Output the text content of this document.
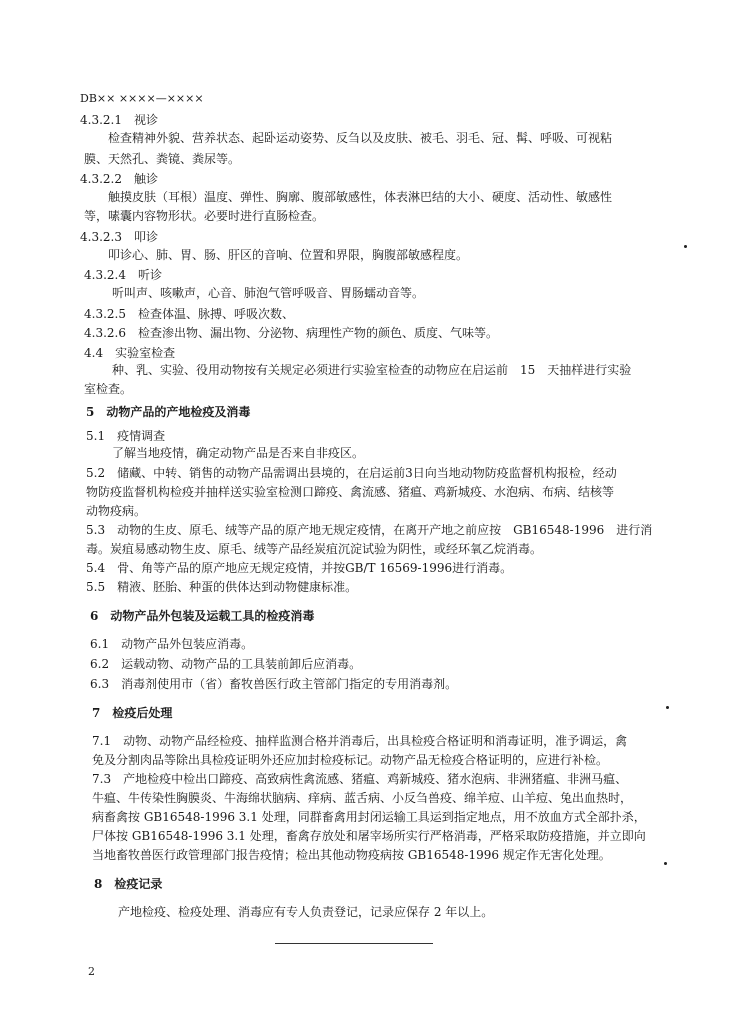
DB×× ××××—××××
4.3.2.1　视诊
检查精神外貌、营养状态、起卧运动姿势、反刍以及皮肤、被毛、羽毛、冠、髯、呼吸、可视粘
膜、天然孔、粪镜、粪尿等。
4.3.2.2　触诊
触摸皮肤（耳根）温度、弹性、胸廓、腹部敏感性，体表淋巴结的大小、硬度、活动性、敏感性
等，嗉囊内容物形状。必要时进行直肠检查。
4.3.2.3　叩诊
叩诊心、肺、胃、肠、肝区的音响、位置和界限，胸腹部敏感程度。
4.3.2.4　听诊
听叫声、咳嗽声，心音、肺泡气管呼吸音、胃肠蠕动音等。
4.3.2.5　检查体温、脉搏、呼吸次数、
4.3.2.6　检查渗出物、漏出物、分泌物、病理性产物的颜色、质度、气味等。
4.4　实验室检查
种、乳、实验、役用动物按有关规定必须进行实验室检查的动物应在启运前　15　天抽样进行实验
室检查。
5　动物产品的产地检疫及消毒
5.1　疫情调查
了解当地疫情，确定动物产品是否来自非疫区。
5.2　储藏、中转、销售的动物产品需调出县境的，在启运前3日向当地动物防疫监督机构报检，经动
物防疫监督机构检疫并抽样送实验室检测口蹄疫、禽流感、猪瘟、鸡新城疫、水泡病、布病、结核等
动物疫病。
5.3　动物的生皮、原毛、绒等产品的原产地无规定疫情，在离开产地之前应按　GB16548-1996　进行消
毒。炭疽易感动物生皮、原毛、绒等产品经炭疽沉淀试验为阴性，或经环氧乙烷消毒。
5.4　骨、角等产品的原产地应无规定疫情，并按GB/T 16569-1996进行消毒。
5.5　精液、胚胎、种蛋的供体达到动物健康标准。
6　动物产品外包装及运载工具的检疫消毒
6.1　动物产品外包装应消毒。
6.2　运载动物、动物产品的工具装前卸后应消毒。
6.3　消毒剂使用市（省）畜牧兽医行政主管部门指定的专用消毒剂。
7　检疫后处理
7.1　动物、动物产品经检疫、抽样监测合格并消毒后，出具检疫合格证明和消毒证明，准予调运，禽
免及分割肉品等除出具检疫证明外还应加封检疫标记。动物产品无检疫合格证明的，应进行补检。
7.3　产地检疫中检出口蹄疫、高致病性禽流感、猪瘟、鸡新城疫、猪水泡病、非洲猪瘟、非洲马瘟、
牛瘟、牛传染性胸膜炎、牛海绵状脑病、痒病、蓝舌病、小反刍兽疫、绵羊痘、山羊痘、兔出血热时，
病畜禽按 GB16548-1996 3.1 处理，同群畜禽用封闭运输工具运到指定地点，用不放血方式全部扑杀，
尸体按 GB16548-1996 3.1 处理，畜禽存放处和屠宰场所实行严格消毒，严格采取防疫措施，并立即向
当地畜牧兽医行政管理部门报告疫情；检出其他动物疫病按 GB16548-1996 规定作无害化处理。
8　检疫记录
产地检疫、检疫处理、消毒应有专人负责登记，记录应保存 2 年以上。
2
